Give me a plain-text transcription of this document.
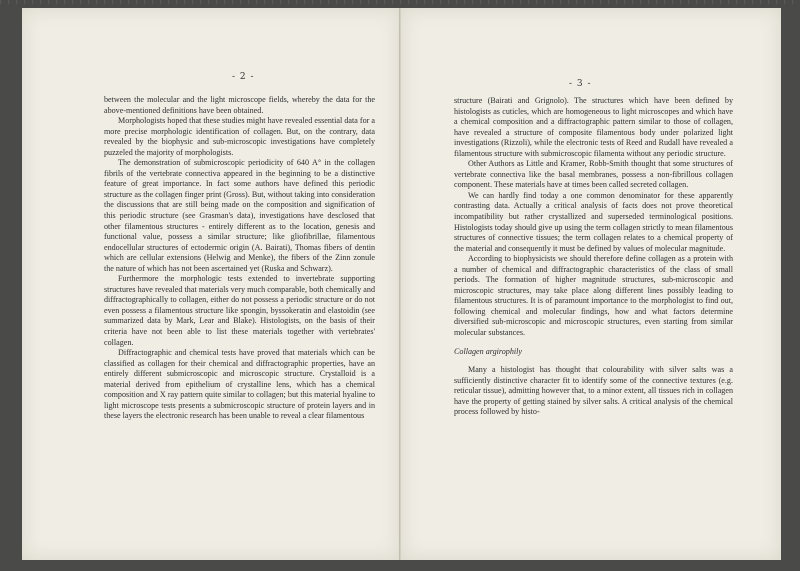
- 2 -

between the molecular and the light microscope fields, whereby the data for the above-mentioned definitions have been obtained.

Morphologists hoped that these studies might have revealed essential data for a more precise morphologic identification of collagen. But, on the contrary, data revealed by the biophysic and sub-microscopic investigations have completely puzzeled the majority of morphologists.

The demonstration of submicroscopic periodicity of 640 A° in the collagen fibrils of the vertebrate connectiva appeared in the beginning to be a distinctive feature of great importance. In fact some authors have defined this periodic structure as the collagen finger print (Gross). But, without taking into consideration the discussions that are still being made on the composition and signification of this periodic structure (see Grasman's data), investigations have desclosed that other filamentous structures - entirely different as to the location, genesis and functional value, possess a similar structure; like gliofibrillae, filamentous endocellular structures of ectodermic origin (A. Bairati), Thomas fibers of dentin which are cellular extensions (Helwig and Menke), the fibers of the Zinn zonule the nature of which has not been ascertained yet (Ruska and Schwarz).

Furthermore the morphologic tests extended to invertebrate supporting structures have revealed that materials very much comparable, both chemically and diffractographically to collagen, either do not possess a periodic structure or do not even possess a filamentous structure like spongin, byssokeratin and elastoidin (see summarized data by Mark, Lear and Blake). Histologists, on the basis of their criteria have not been able to list these materials together with vertebrates' collagen.

Diffractographic and chemical tests have proved that materials which can be classified as collagen for their chemical and diffractographic properties, have an entirely different submicroscopic and microscopic structure. Crystalloid is a material derived from epithelium of crystalline lens, which has a chemical composition and X ray pattern quite similar to collagen; but this material hyaline to light microscope tests presents a submicroscopic structure of protein layers and in these layers the electronic research has been unable to reveal a clear filamentous

- 3 -

structure (Bairati and Grignolo). The structures which have been defined by histologists as cuticles, which are homogeneous to light microscopes and which have a chemical composition and a diffractographic pattern similar to those of collagen, have revealed a structure of composite filamentous body under polarized light investigations (Rizzoli), while the electronic tests of Reed and Rudall have revealed a filamentous structure with submicroscopic filamenta without any periodic structure.

Other Authors as Little and Kramer, Robb-Smith thought that some structures of vertebrate connectiva like the basal membranes, possess a non-fibrillous collagen component. These materials have at times been called secreted collagen.

We can hardly find today a one common denominator for these apparently contrasting data. Actually a critical analysis of facts does not prove theoretical incompatibility but rather crystallized and superseded terminological positions. Histologists today should give up using the term collagen strictly to mean filamentous structures of connective tissues; the term collagen relates to a chemical property of the material and consequently it must be defined by values of molecular magnitude.

According to biophysicists we should therefore define collagen as a protein with a number of chemical and diffractographic characteristics of the class of small periods. The formation of higher magnitude structures, sub-microscopic and microscopic structures, may take place along different lines possibly leading to filamentous structures. It is of paramount importance to the morphologist to find out, following chemical and molecular findings, how and what factors determine diversified sub-microscopic and microscopic structures, even starting from similar molecular substances.

Collagen argirophily

Many a histologist has thought that colourability with silver salts was a sufficiently distinctive character fit to identify some of the connective textures (e.g. reticular tissue), admitting however that, to a minor extent, all tissues rich in collagen have the property of getting stained by silver salts. A critical analysis of the chemical process followed by histo-
